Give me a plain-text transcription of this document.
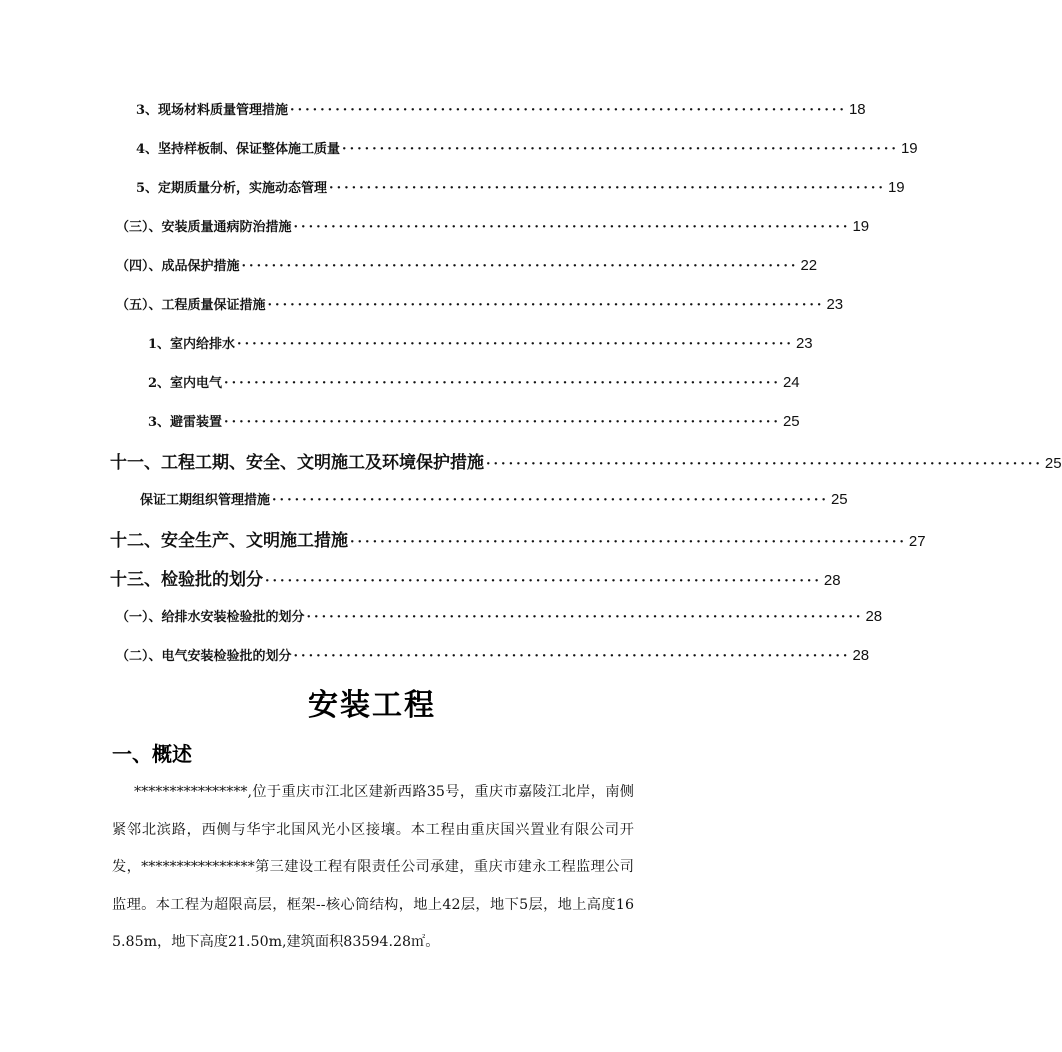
3、现场材料质量管理措施 ·········································································· 18
4、坚持样板制、保证整体施工质量 ·········································································· 19
5、定期质量分析，实施动态管理 ·········································································· 19
（三）、安装质量通病防治措施 ·········································································· 19
（四）、成品保护措施 ·········································································· 22
（五）、工程质量保证措施 ·········································································· 23
1、室内给排水 ·········································································· 23
2、室内电气 ·········································································· 24
3、避雷装置 ·········································································· 25
十一、工程工期、安全、文明施工及环境保护措施 ·········································································· 25
保证工期组织管理措施 ·········································································· 25
十二、安全生产、文明施工措施 ·········································································· 27
十三、检验批的划分 ·········································································· 28
（一）、给排水安装检验批的划分 ·········································································· 28
（二）、电气安装检验批的划分 ·········································································· 28
安装工程
一、概述
****************,位于重庆市江北区建新西路35号，重庆市嘉陵江北岸，南侧紧邻北滨路，西侧与华宇北国风光小区接壤。本工程由重庆国兴置业有限公司开发，****************第三建设工程有限责任公司承建，重庆市建永工程监理公司监理。本工程为超限高层，框架--核心筒结构，地上42层，地下5层，地上高度165.85m，地下高度21.50m,建筑面积83594.28㎡。
